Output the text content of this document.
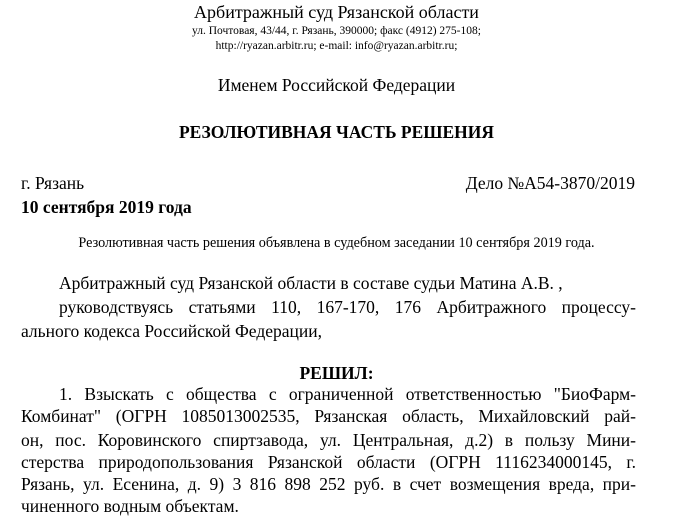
Арбитражный суд Рязанской области
ул. Почтовая, 43/44, г. Рязань, 390000; факс (4912) 275-108;
http://ryazan.arbitr.ru; e-mail: info@ryazan.arbitr.ru;
Именем Российской Федерации
РЕЗОЛЮТИВНАЯ ЧАСТЬ РЕШЕНИЯ
г. Рязань	Дело №А54-3870/2019
10 сентября 2019 года
Резолютивная часть решения объявлена в судебном заседании 10 сентября 2019 года.
Арбитражный суд Рязанской области в составе судьи Матина А.В. ,
руководствуясь статьями 110, 167-170, 176 Арбитражного процессу-
ального кодекса Российской Федерации,
РЕШИЛ:
1. Взыскать с общества с ограниченной ответственностью "БиоФарм-
Комбинат" (ОГРН 1085013002535, Рязанская область, Михайловский рай-
он, пос. Коровинского спиртзавода, ул. Центральная, д.2) в пользу Мини-
стерства природопользования Рязанской области (ОГРН 1116234000145, г.
Рязань, ул. Есенина, д. 9) 3 816 898 252 руб. в счет возмещения вреда, при-
чиненного водным объектам.
